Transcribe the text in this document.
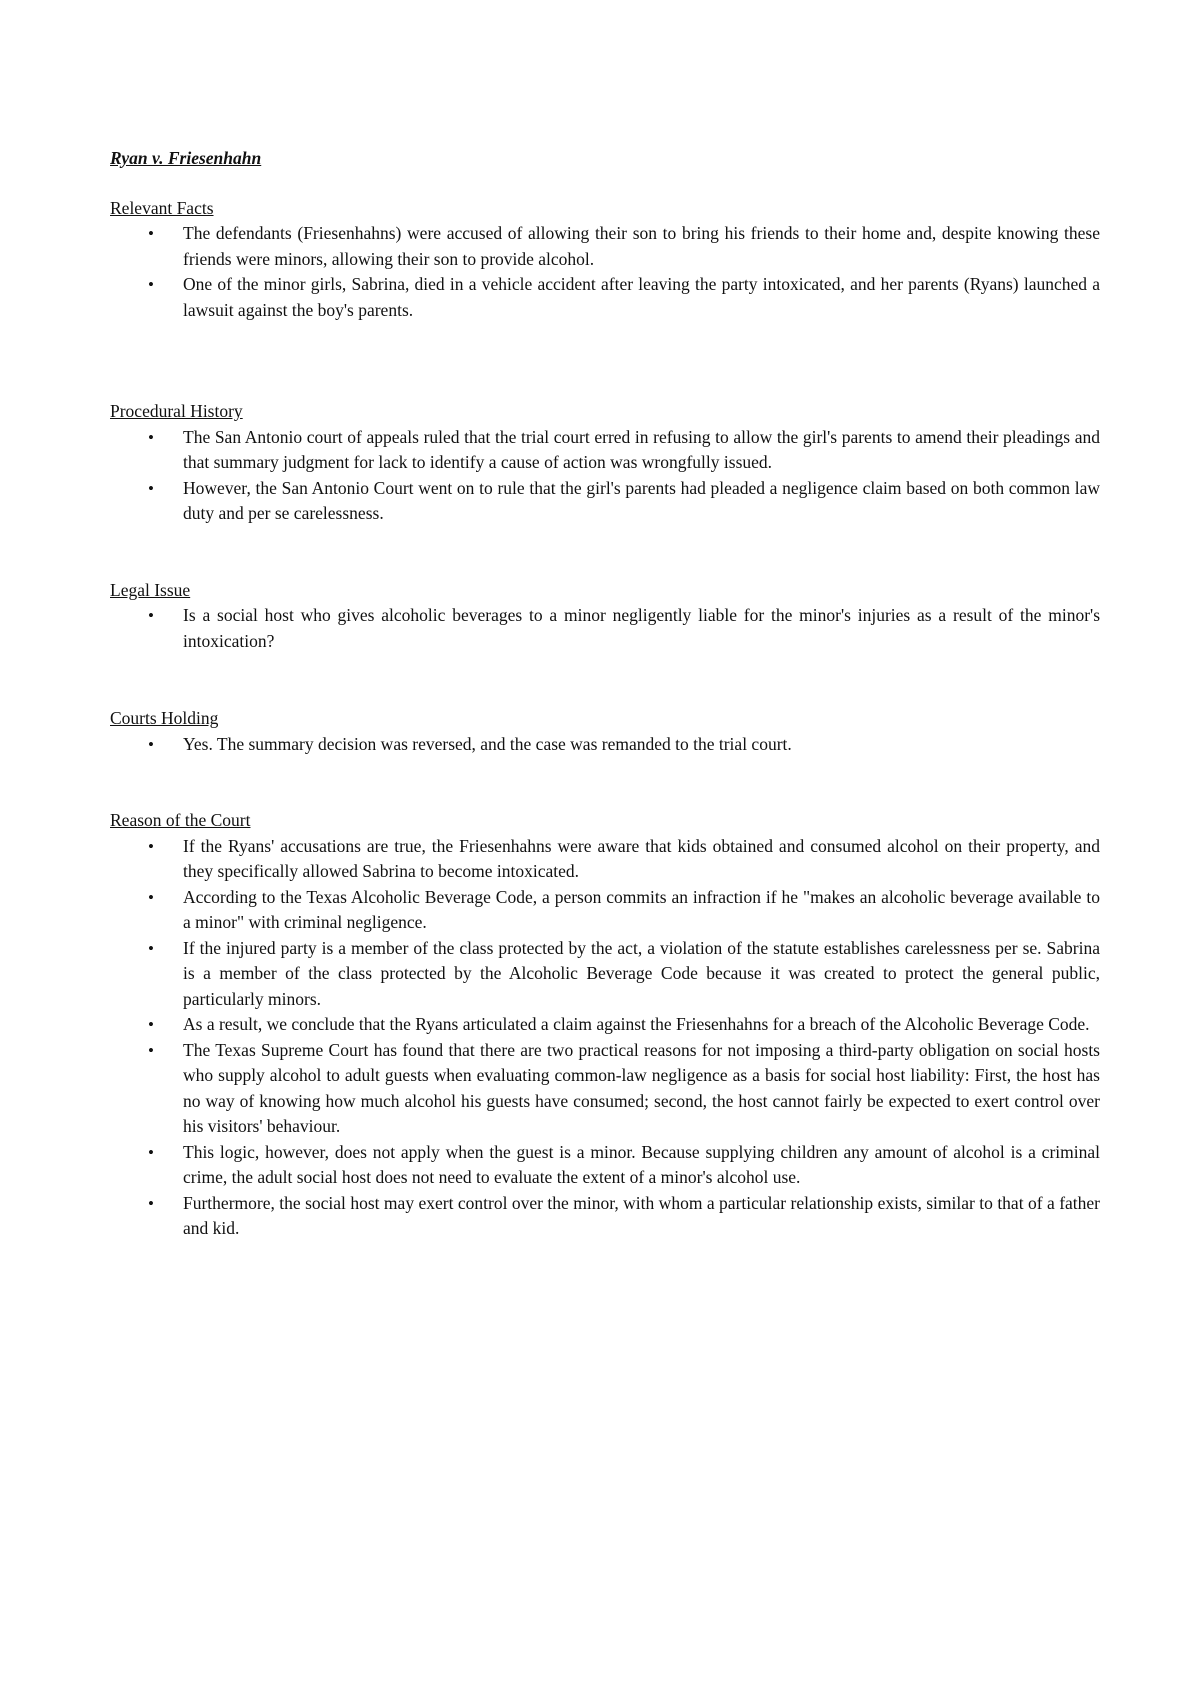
Ryan v. Friesenhahn
Relevant Facts
• The defendants (Friesenhahns) were accused of allowing their son to bring his friends to their home and, despite knowing these friends were minors, allowing their son to provide alcohol.
• One of the minor girls, Sabrina, died in a vehicle accident after leaving the party intoxicated, and her parents (Ryans) launched a lawsuit against the boy's parents.
Procedural History
• The San Antonio court of appeals ruled that the trial court erred in refusing to allow the girl's parents to amend their pleadings and that summary judgment for lack to identify a cause of action was wrongfully issued.
• However, the San Antonio Court went on to rule that the girl's parents had pleaded a negligence claim based on both common law duty and per se carelessness.
Legal Issue
• Is a social host who gives alcoholic beverages to a minor negligently liable for the minor's injuries as a result of the minor's intoxication?
Courts Holding
• Yes. The summary decision was reversed, and the case was remanded to the trial court.
Reason of the Court
• If the Ryans' accusations are true, the Friesenhahns were aware that kids obtained and consumed alcohol on their property, and they specifically allowed Sabrina to become intoxicated.
• According to the Texas Alcoholic Beverage Code, a person commits an infraction if he "makes an alcoholic beverage available to a minor" with criminal negligence.
• If the injured party is a member of the class protected by the act, a violation of the statute establishes carelessness per se. Sabrina is a member of the class protected by the Alcoholic Beverage Code because it was created to protect the general public, particularly minors.
• As a result, we conclude that the Ryans articulated a claim against the Friesenhahns for a breach of the Alcoholic Beverage Code.
• The Texas Supreme Court has found that there are two practical reasons for not imposing a third-party obligation on social hosts who supply alcohol to adult guests when evaluating common-law negligence as a basis for social host liability: First, the host has no way of knowing how much alcohol his guests have consumed; second, the host cannot fairly be expected to exert control over his visitors' behaviour.
• This logic, however, does not apply when the guest is a minor. Because supplying children any amount of alcohol is a criminal crime, the adult social host does not need to evaluate the extent of a minor's alcohol use.
• Furthermore, the social host may exert control over the minor, with whom a particular relationship exists, similar to that of a father and kid.
